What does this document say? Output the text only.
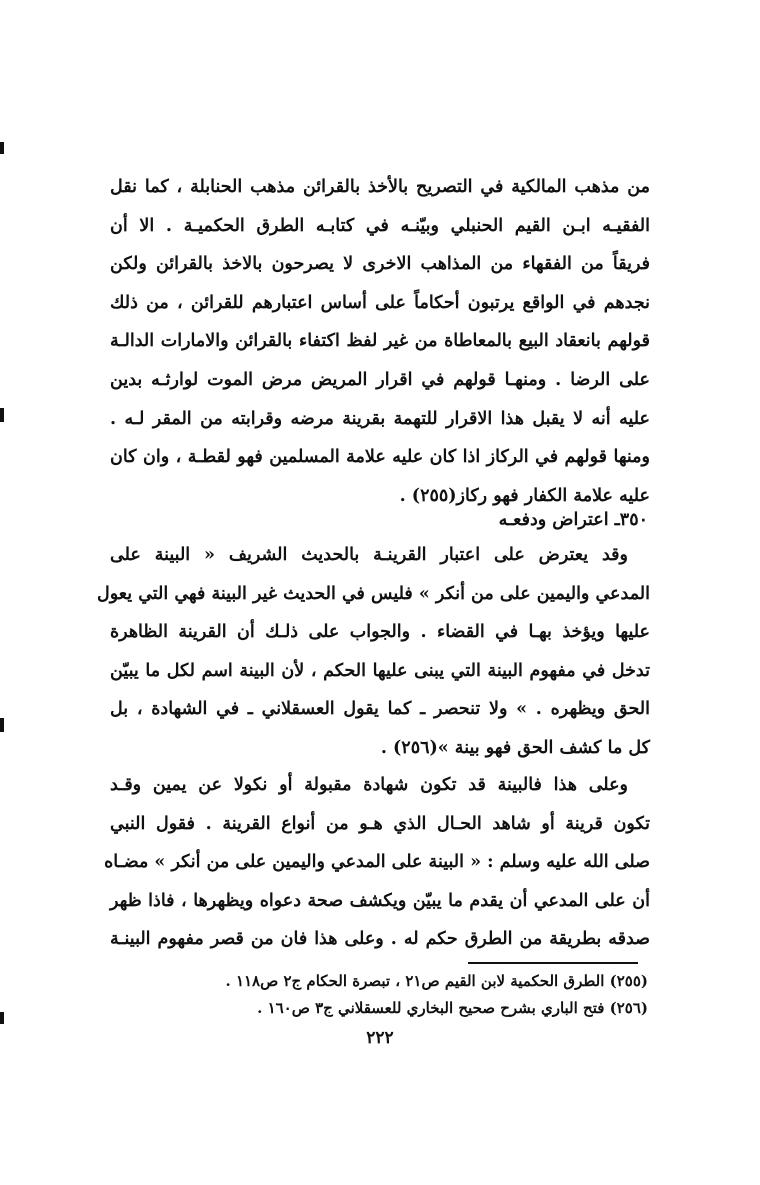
من مذهب المالكية في التصريح بالأخذ بالقرائن مذهب الحنابلة ، كما نقل
الفقيـه ابـن القيم الحنبلي وبيّنـه في كتابـه الطرق الحكميـة . الا أن
فريقاً من الفقهاء من المذاهب الاخرى لا يصرحون بالاخذ بالقرائن ولكن
نجدهم في الواقع يرتبون أحكاماً على أساس اعتبارهم للقرائن ، من ذلك
قولهم بانعقاد البيع بالمعاطاة من غير لفظ اكتفاء بالقرائن والامارات الدالـة
على الرضا . ومنهـا قولهم في اقرار المريض مرض الموت لوارثـه بدين
عليه أنه لا يقبل هذا الاقرار للتهمة بقرينة مرضه وقرابته من المقر لـه .
ومنها قولهم في الركاز اذا كان عليه علامة المسلمين فهو لقطـة ، وان كان
عليه علامة الكفار فهو ركاز(٢٥٥) .
٣٥٠ـ اعتراض ودفعـه
وقد يعترض على اعتبار القرينـة بالحديث الشريف « البينة على
المدعي واليمين على من أنكر » فليس في الحديث غير البينة فهي التي يعول
عليها ويؤخذ بهـا في القضاء . والجواب على ذلـك أن القرينة الظاهرة
تدخل في مفهوم البينة التي يبنى عليها الحكم ، لأن البينة اسم لكل ما يبيّن
الحق ويظهره . » ولا تنحصر ـ كما يقول العسقلاني ـ في الشهادة ، بل
كل ما كشف الحق فهو بينة »(٢٥٦) .
وعلى هذا فالبينة قد تكون شهادة مقبولة أو نكولا عن يمين وقـد
تكون قرينة أو شاهد الحـال الذي هـو من أنواع القرينة . فقول النبي
صلى الله عليه وسلم : « البينة على المدعي واليمين على من أنكر » مضـاه
أن على المدعي أن يقدم ما يبيّن ويكشف صحة دعواه ويظهرها ، فاذا ظهر
صدقه بطريقة من الطرق حكم له . وعلى هذا فان من قصر مفهوم البينـة
(٢٥٥) الطرق الحكمية لابن القيم ص٢١ ، تبصرة الحكام ج٢ ص١١٨ .
(٢٥٦) فتح الباري بشرح صحيح البخاري للعسقلاني ج٣ ص١٦٠ .
٢٢٢
